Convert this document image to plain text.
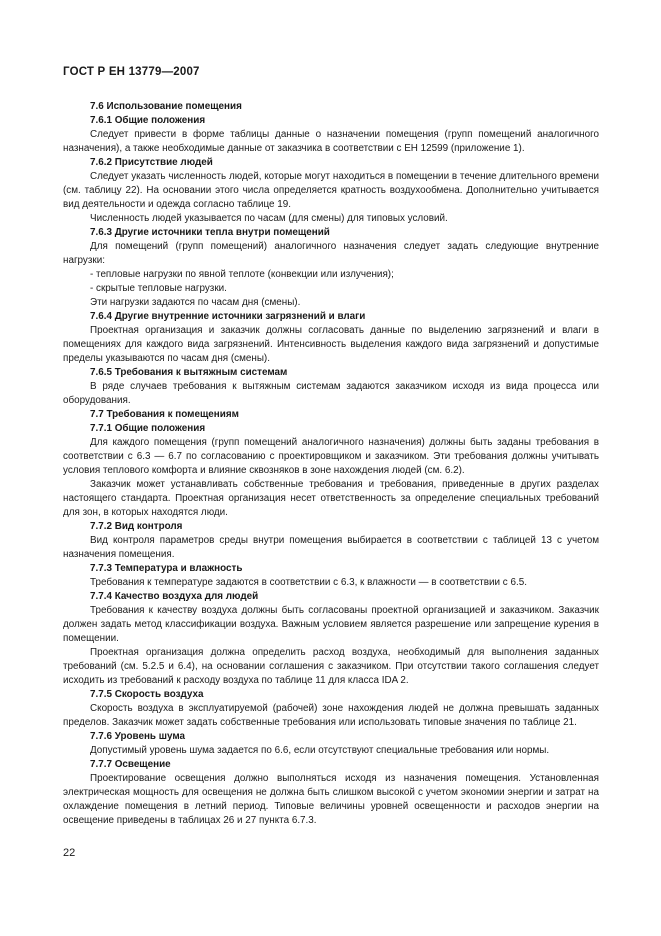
ГОСТ Р ЕН 13779—2007
7.6 Использование помещения
7.6.1 Общие положения
Следует привести в форме таблицы данные о назначении помещения (групп помещений аналогичного назначения), а также необходимые данные от заказчика в соответствии с ЕН 12599 (приложение 1).
7.6.2 Присутствие людей
Следует указать численность людей, которые могут находиться в помещении в течение длительного времени (см. таблицу 22). На основании этого числа определяется кратность воздухообмена. Дополнительно учитывается вид деятельности и одежда согласно таблице 19.
Численность людей указывается по часам (для смены) для типовых условий.
7.6.3 Другие источники тепла внутри помещений
Для помещений (групп помещений) аналогичного назначения следует задать следующие внутренние нагрузки:
- тепловые нагрузки по явной теплоте (конвекции или излучения);
- скрытые тепловые нагрузки.
Эти нагрузки задаются по часам дня (смены).
7.6.4 Другие внутренние источники загрязнений и влаги
Проектная организация и заказчик должны согласовать данные по выделению загрязнений и влаги в помещениях для каждого вида загрязнений. Интенсивность выделения каждого вида загрязнений и допустимые пределы указываются по часам дня (смены).
7.6.5 Требования к вытяжным системам
В ряде случаев требования к вытяжным системам задаются заказчиком исходя из вида процесса или оборудования.
7.7 Требования к помещениям
7.7.1 Общие положения
Для каждого помещения (групп помещений аналогичного назначения) должны быть заданы требования в соответствии с 6.3 — 6.7 по согласованию с проектировщиком и заказчиком. Эти требования должны учитывать условия теплового комфорта и влияние сквозняков в зоне нахождения людей (см. 6.2).
Заказчик может устанавливать собственные требования и требования, приведенные в других разделах настоящего стандарта. Проектная организация несет ответственность за определение специальных требований для зон, в которых находятся люди.
7.7.2 Вид контроля
Вид контроля параметров среды внутри помещения выбирается в соответствии с таблицей 13 с учетом назначения помещения.
7.7.3 Температура и влажность
Требования к температуре задаются в соответствии с 6.3, к влажности — в соответствии с 6.5.
7.7.4 Качество воздуха для людей
Требования к качеству воздуха должны быть согласованы проектной организацией и заказчиком. Заказчик должен задать метод классификации воздуха. Важным условием является разрешение или запрещение курения в помещении.
Проектная организация должна определить расход воздуха, необходимый для выполнения заданных требований (см. 5.2.5 и 6.4), на основании соглашения с заказчиком. При отсутствии такого соглашения следует исходить из требований к расходу воздуха по таблице 11 для класса IDA 2.
7.7.5 Скорость воздуха
Скорость воздуха в эксплуатируемой (рабочей) зоне нахождения людей не должна превышать заданных пределов. Заказчик может задать собственные требования или использовать типовые значения по таблице 21.
7.7.6 Уровень шума
Допустимый уровень шума задается по 6.6, если отсутствуют специальные требования или нормы.
7.7.7 Освещение
Проектирование освещения должно выполняться исходя из назначения помещения. Установленная электрическая мощность для освещения не должна быть слишком высокой с учетом экономии энергии и затрат на охлаждение помещения в летний период. Типовые величины уровней освещенности и расходов энергии на освещение приведены в таблицах 26 и 27 пункта 6.7.3.
22
